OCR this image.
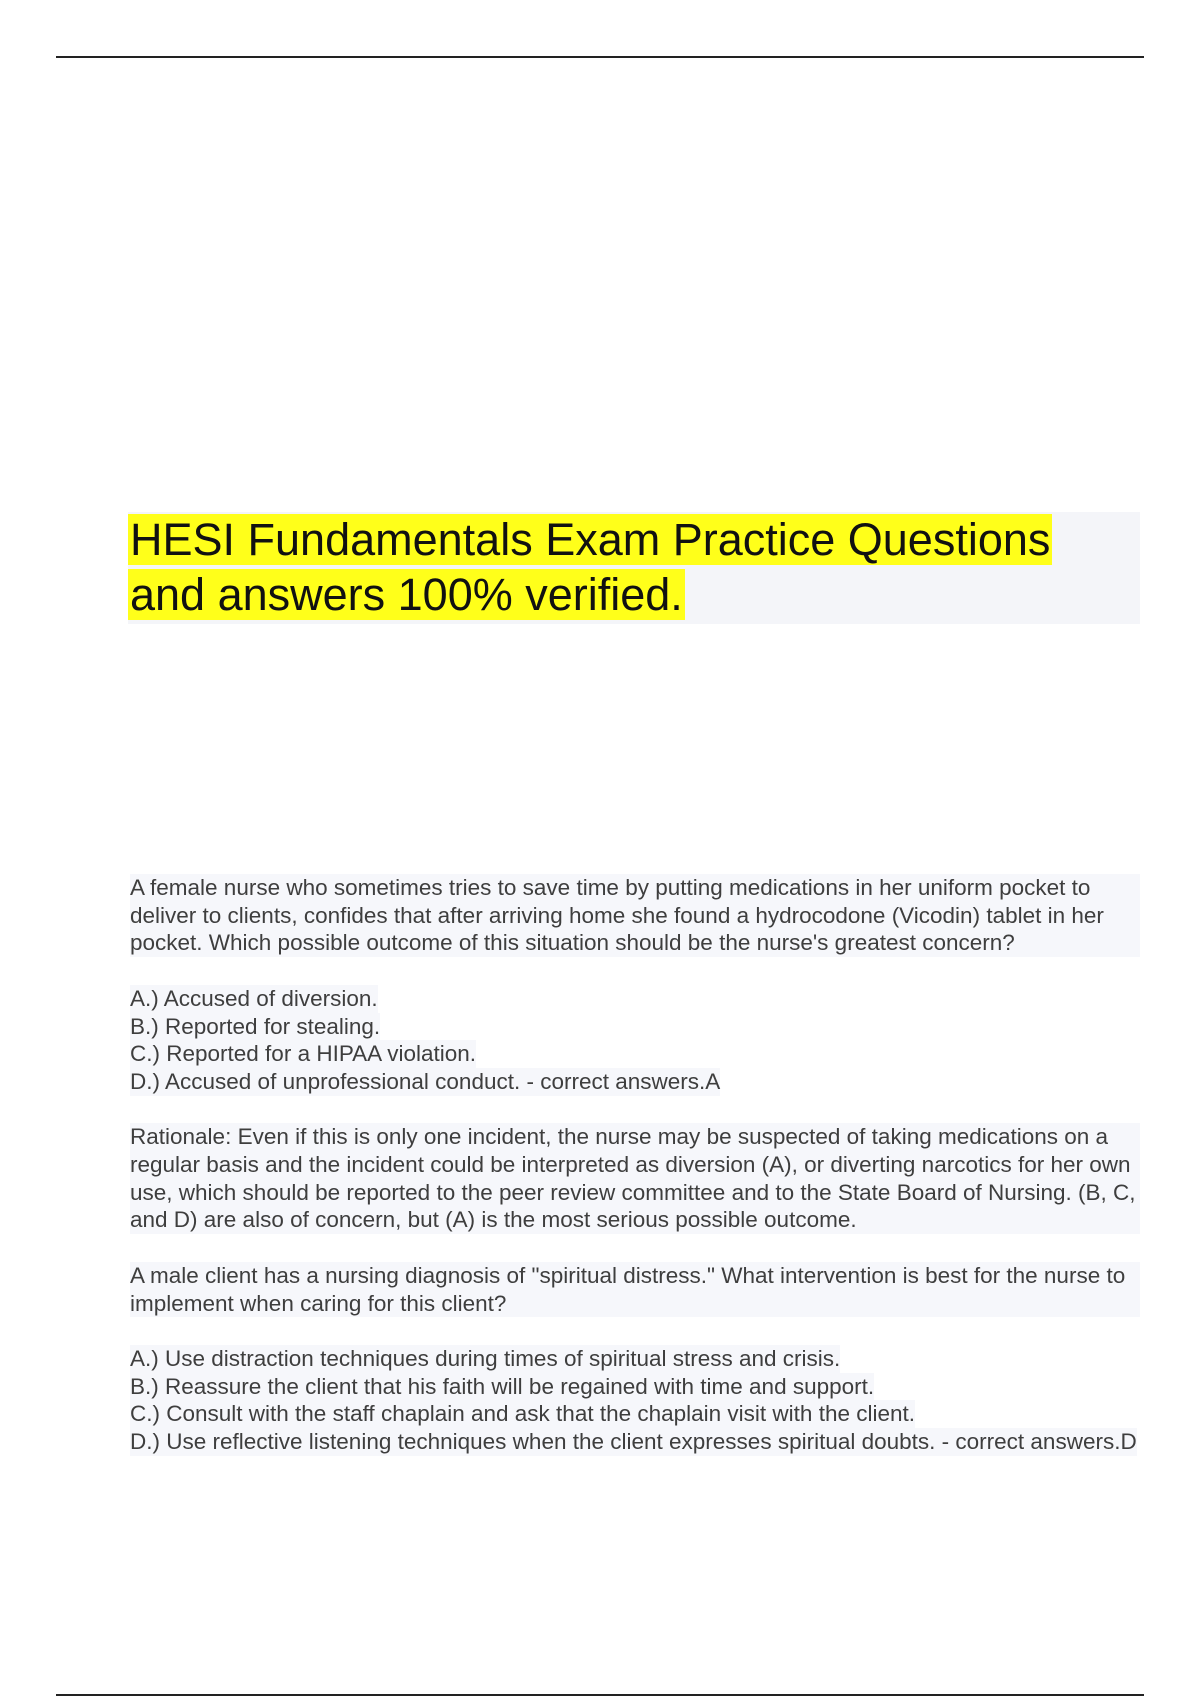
HESI Fundamentals Exam Practice Questions
and answers 100% verified.

A female nurse who sometimes tries to save time by putting medications in her uniform pocket to deliver to clients, confides that after arriving home she found a hydrocodone (Vicodin) tablet in her pocket. Which possible outcome of this situation should be the nurse's greatest concern?

A.) Accused of diversion.
B.) Reported for stealing.
C.) Reported for a HIPAA violation.
D.) Accused of unprofessional conduct. - correct answers.A

Rationale: Even if this is only one incident, the nurse may be suspected of taking medications on a regular basis and the incident could be interpreted as diversion (A), or diverting narcotics for her own use, which should be reported to the peer review committee and to the State Board of Nursing. (B, C, and D) are also of concern, but (A) is the most serious possible outcome.

A male client has a nursing diagnosis of "spiritual distress." What intervention is best for the nurse to implement when caring for this client?

A.) Use distraction techniques during times of spiritual stress and crisis.
B.) Reassure the client that his faith will be regained with time and support.
C.) Consult with the staff chaplain and ask that the chaplain visit with the client.
D.) Use reflective listening techniques when the client expresses spiritual doubts. - correct answers.D
